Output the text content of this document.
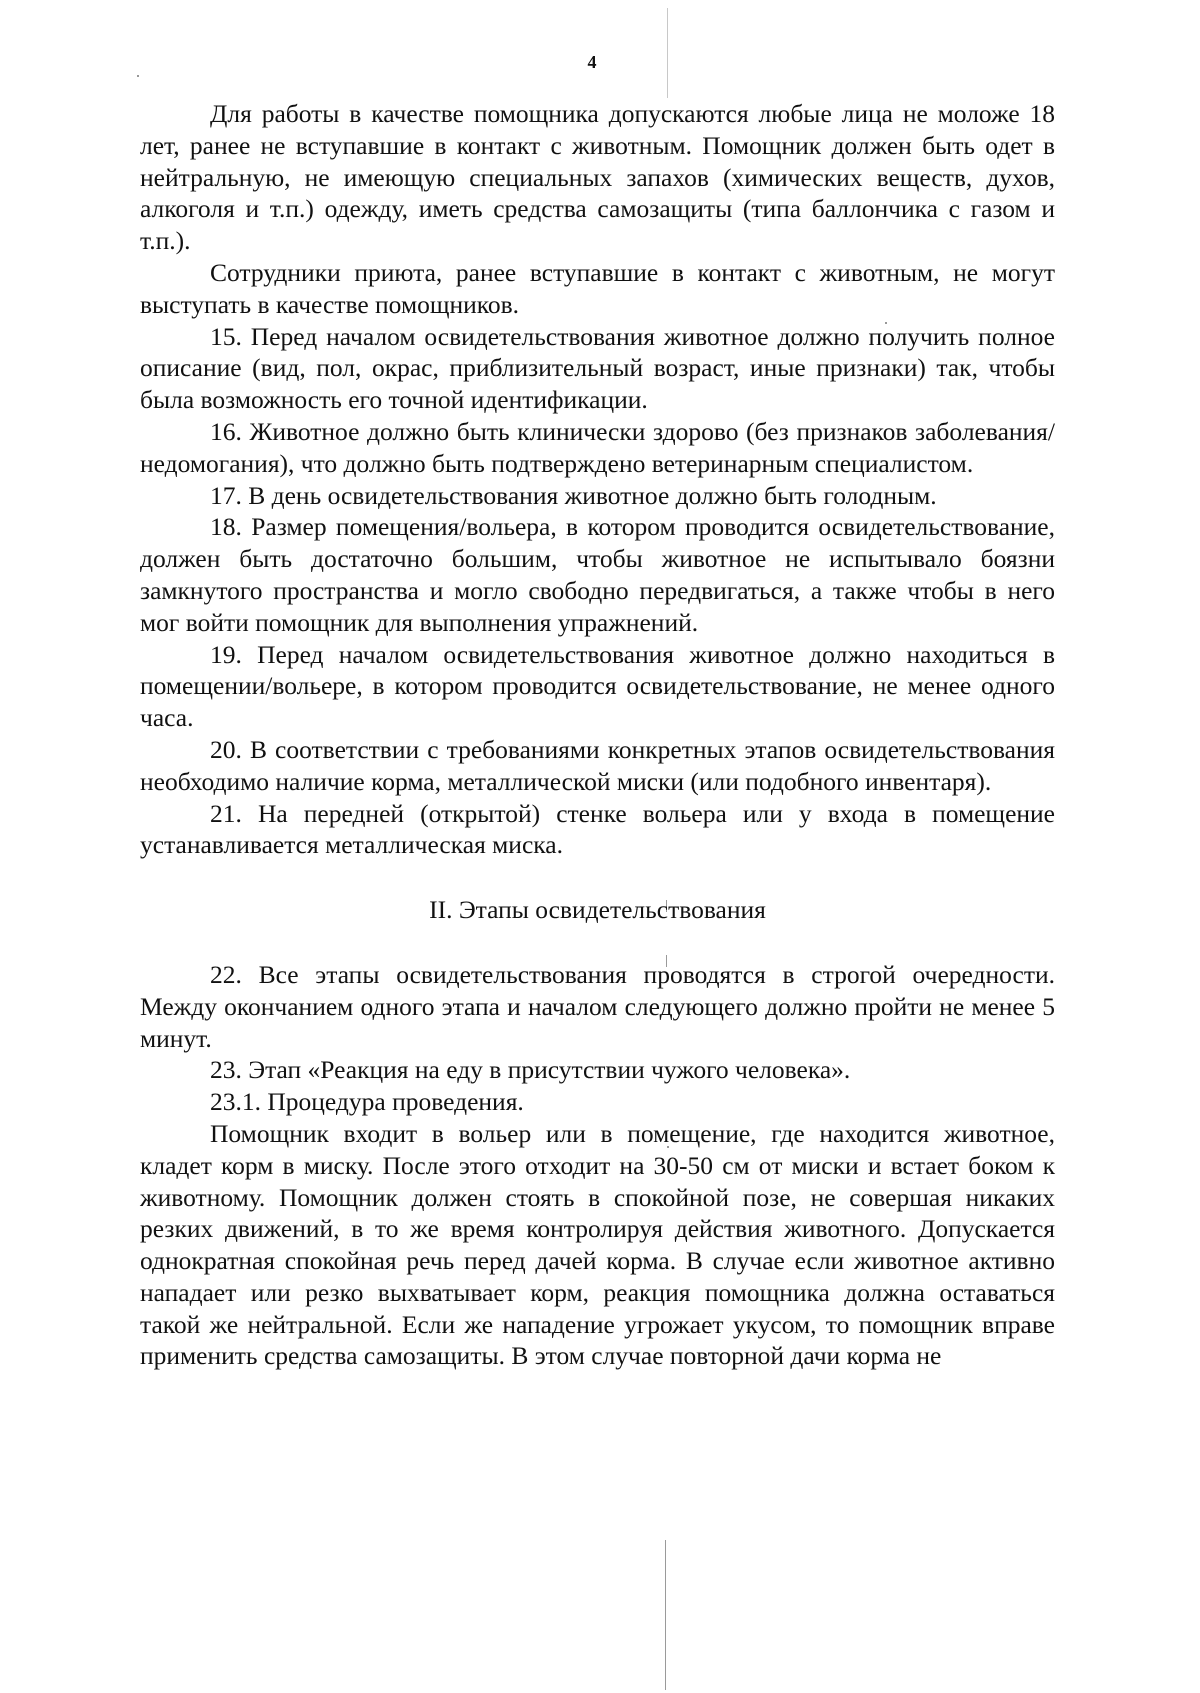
4

Для работы в качестве помощника допускаются любые лица не моложе 18 лет, ранее не вступавшие в контакт с животным. Помощник должен быть одет в нейтральную, не имеющую специальных запахов (химических веществ, духов, алкоголя и т.п.) одежду, иметь средства самозащиты (типа баллончика с газом и т.п.).

Сотрудники приюта, ранее вступавшие в контакт с животным, не могут выступать в качестве помощников.

15. Перед началом освидетельствования животное должно получить полное описание (вид, пол, окрас, приблизительный возраст, иные признаки) так, чтобы была возможность его точной идентификации.

16. Животное должно быть клинически здорово (без признаков заболевания/недомогания), что должно быть подтверждено ветеринарным специалистом.

17. В день освидетельствования животное должно быть голодным.

18. Размер помещения/вольера, в котором проводится освидетельствование, должен быть достаточно большим, чтобы животное не испытывало боязни замкнутого пространства и могло свободно передвигаться, а также чтобы в него мог войти помощник для выполнения упражнений.

19. Перед началом освидетельствования животное должно находиться в помещении/вольере, в котором проводится освидетельствование, не менее одного часа.

20. В соответствии с требованиями конкретных этапов освидетельствования необходимо наличие корма, металлической миски (или подобного инвентаря).

21. На передней (открытой) стенке вольера или у входа в помещение устанавливается металлическая миска.

II. Этапы освидетельствования

22. Все этапы освидетельствования проводятся в строгой очередности. Между окончанием одного этапа и началом следующего должно пройти не менее 5 минут.

23. Этап «Реакция на еду в присутствии чужого человека».

23.1. Процедура проведения.

Помощник входит в вольер или в помещение, где находится животное, кладет корм в миску. После этого отходит на 30-50 см от миски и встает боком к животному. Помощник должен стоять в спокойной позе, не совершая никаких резких движений, в то же время контролируя действия животного. Допускается однократная спокойная речь перед дачей корма. В случае если животное активно нападает или резко выхватывает корм, реакция помощника должна оставаться такой же нейтральной. Если же нападение угрожает укусом, то помощник вправе применить средства самозащиты. В этом случае повторной дачи корма не
